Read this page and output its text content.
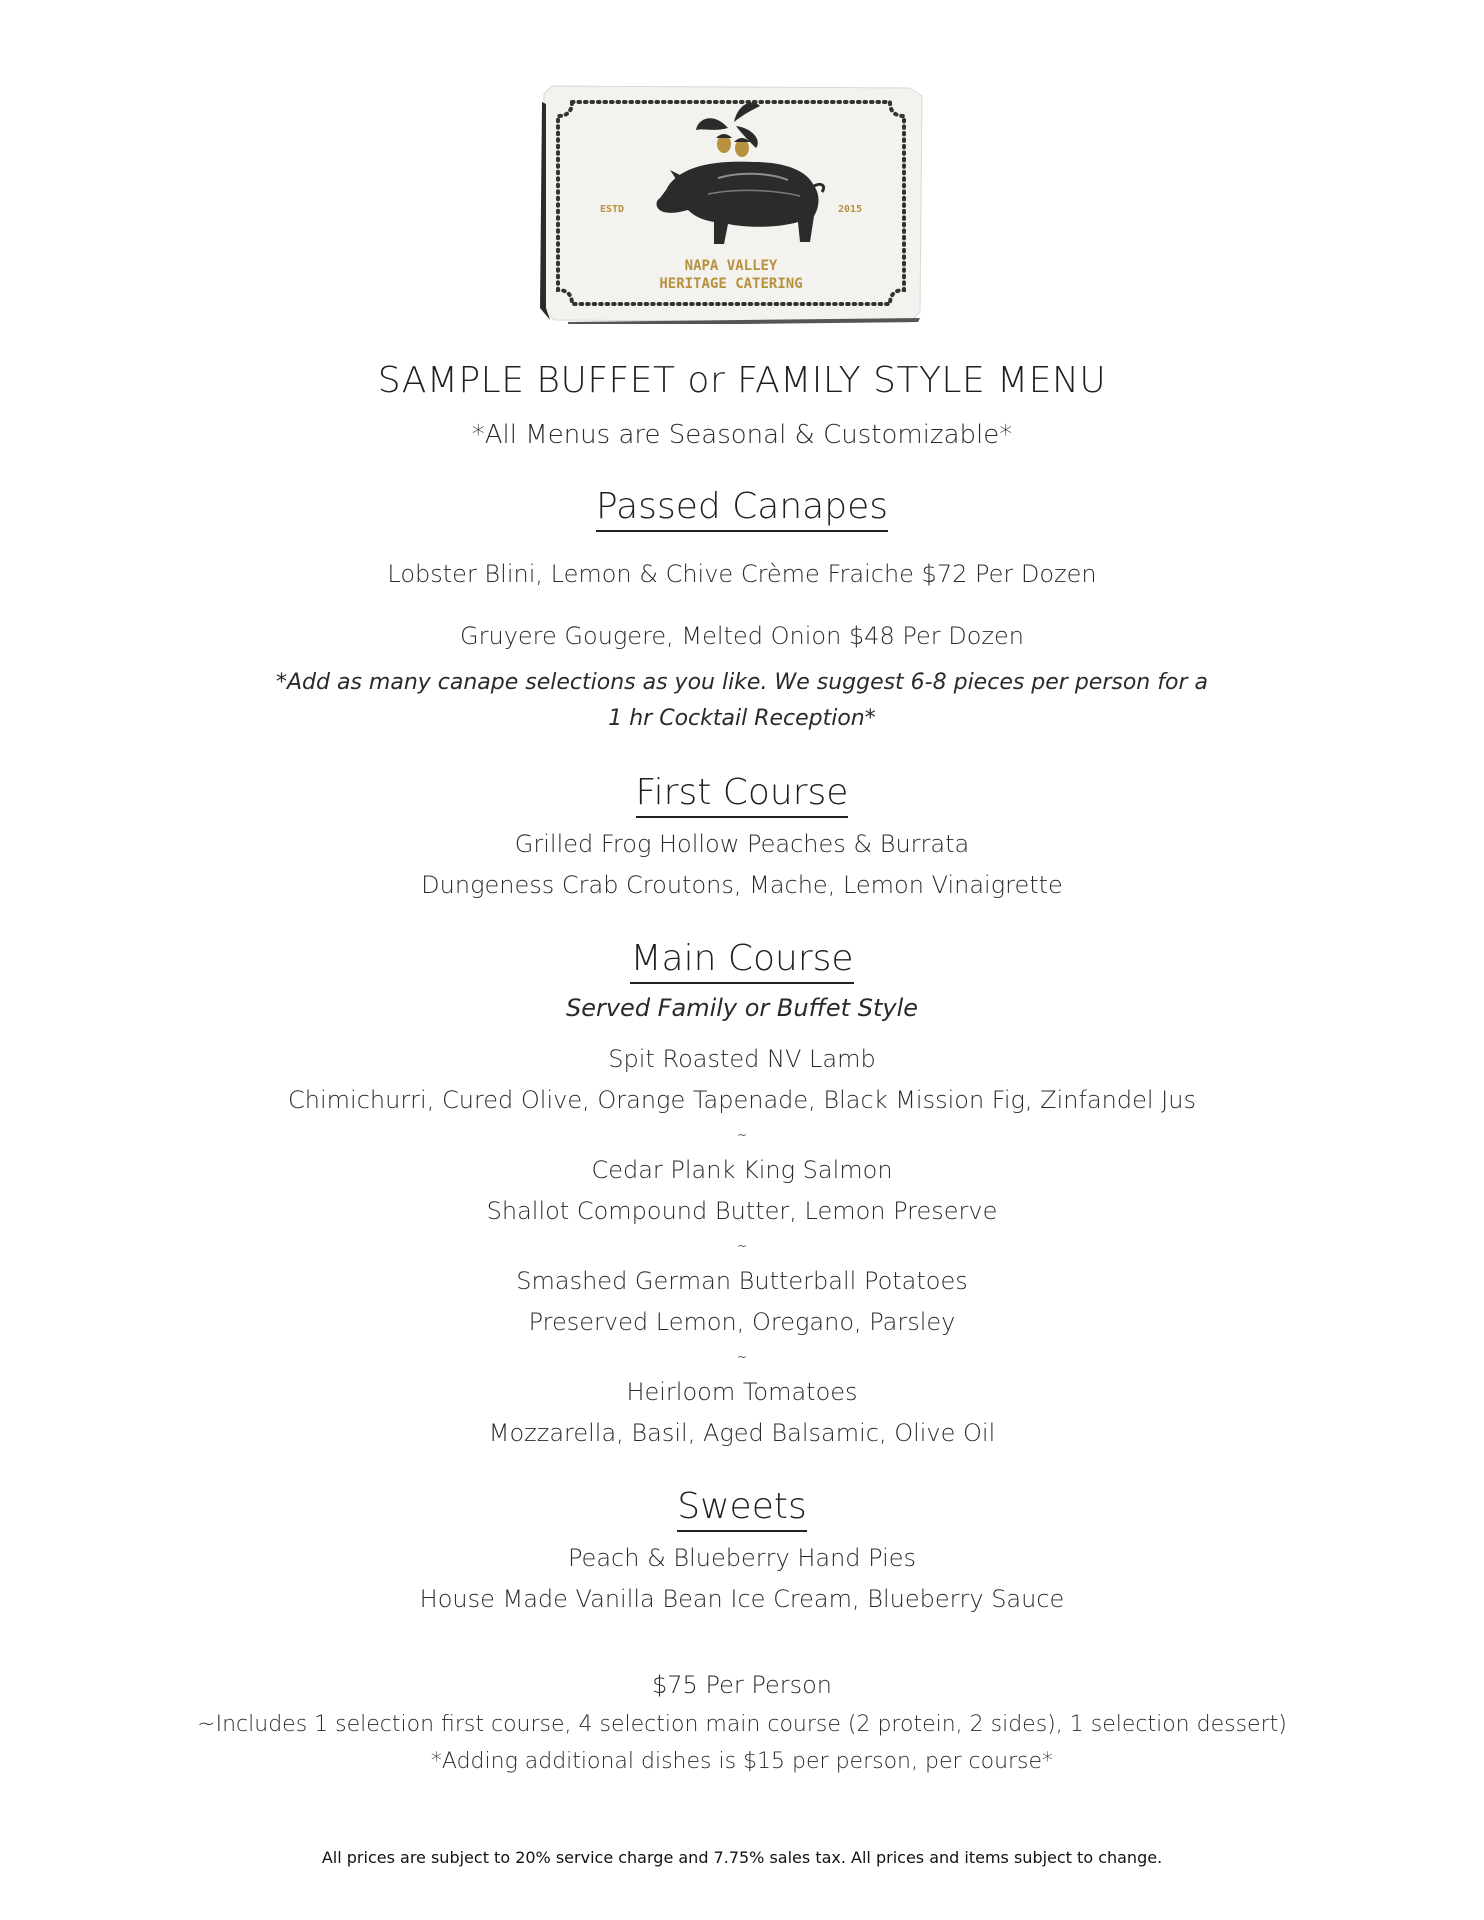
ESTD	2015
NAPA VALLEY
HERITAGE CATERING
SAMPLE BUFFET or FAMILY STYLE MENU
*All Menus are Seasonal & Customizable*
Passed Canapes
Lobster Blini, Lemon & Chive Crème Fraiche $72 Per Dozen
Gruyere Gougere, Melted Onion $48 Per Dozen
*Add as many canape selections as you like. We suggest 6-8 pieces per person for a
1 hr Cocktail Reception*
First Course
Grilled Frog Hollow Peaches & Burrata
Dungeness Crab Croutons, Mache, Lemon Vinaigrette
Main Course
Served Family or Buffet Style
Spit Roasted NV Lamb
Chimichurri, Cured Olive, Orange Tapenade, Black Mission Fig, Zinfandel Jus
~
Cedar Plank King Salmon
Shallot Compound Butter, Lemon Preserve
~
Smashed German Butterball Potatoes
Preserved Lemon, Oregano, Parsley
~
Heirloom Tomatoes
Mozzarella, Basil, Aged Balsamic, Olive Oil
Sweets
Peach & Blueberry Hand Pies
House Made Vanilla Bean Ice Cream, Blueberry Sauce
$75 Per Person
~Includes 1 selection first course, 4 selection main course (2 protein, 2 sides), 1 selection dessert)
*Adding additional dishes is $15 per person, per course*
All prices are subject to 20% service charge and 7.75% sales tax. All prices and items subject to change.
